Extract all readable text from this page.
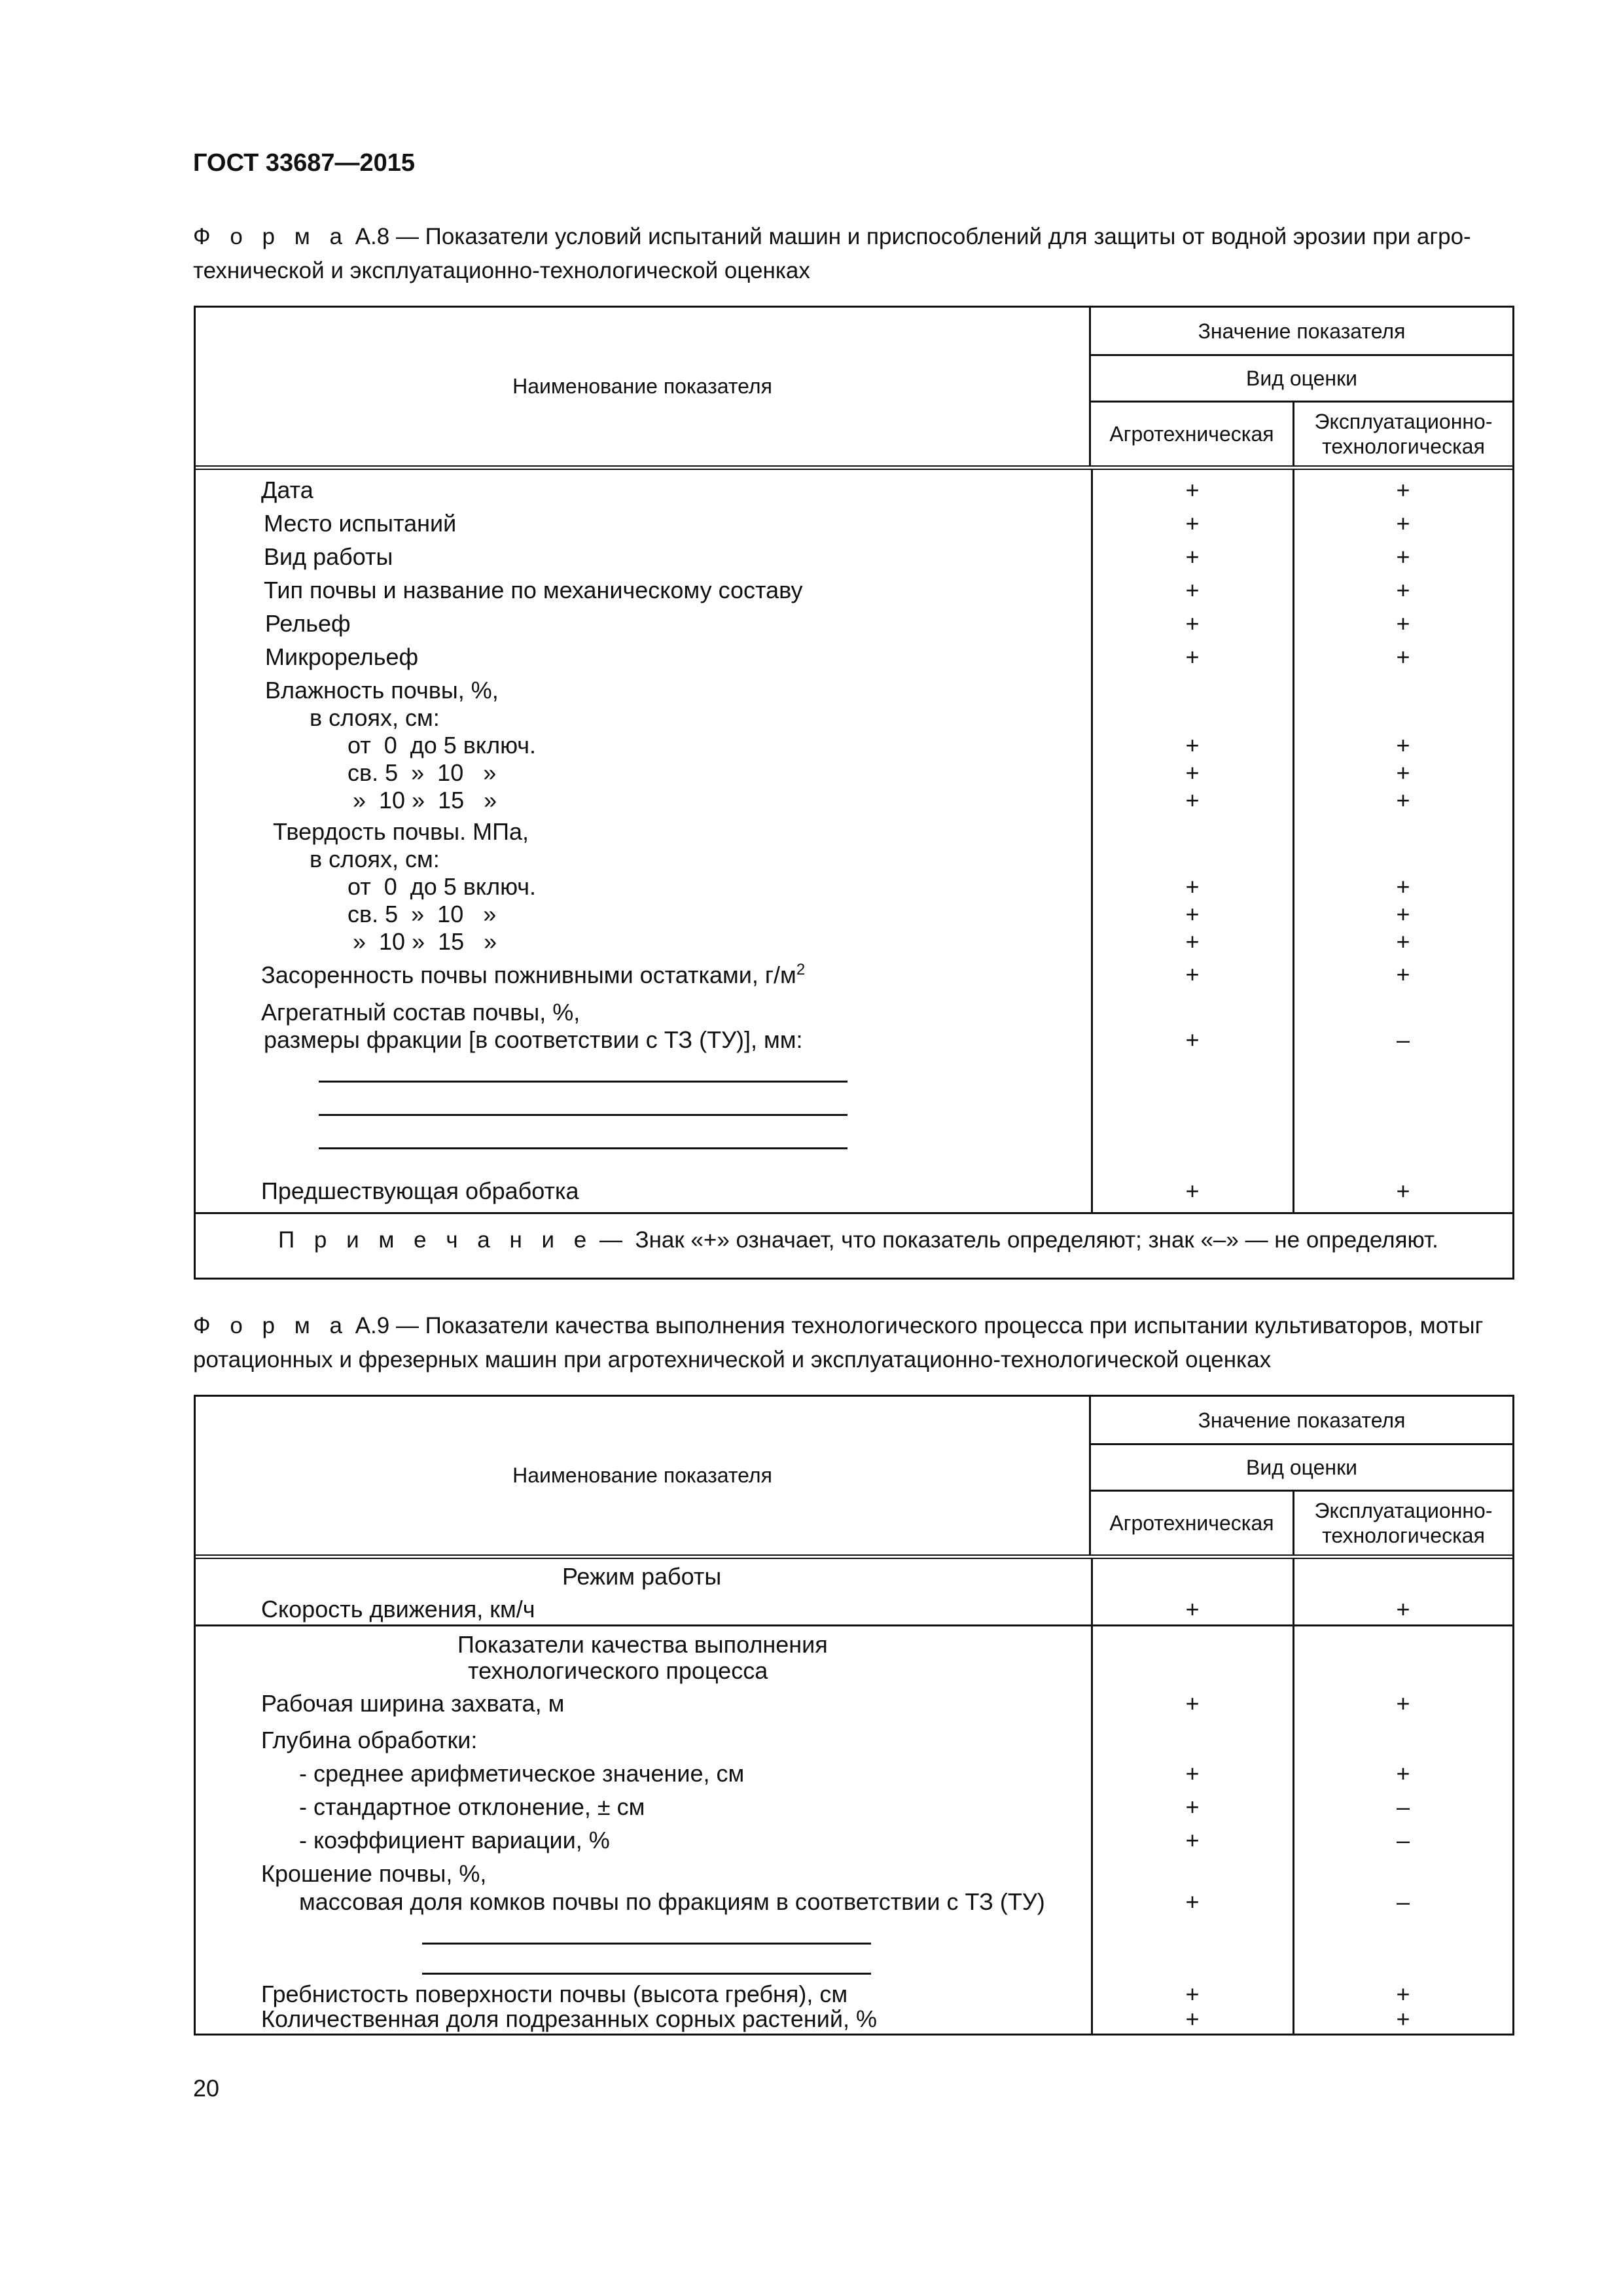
ГОСТ 33687—2015
Ф о р м а А.8 — Показатели условий испытаний машин и приспособлений для защиты от водной эрозии при агро-
технической и эксплуатационно-технологической оценках
Наименование показателя
Значение показателя
Вид оценки
Агротехническая
Эксплуатационно-
технологическая
Дата	+	+
Место испытаний	+	+
Вид работы	+	+
Тип почвы и название по механическому составу	+	+
Рельеф	+	+
Микрорельеф	+	+
Влажность почвы, %,
в слоях, см:
от  0  до 5 включ.	+	+
св. 5  »  10   »	+	+
»  10 »  15   »	+	+
Твердость почвы. МПа,
в слоях, см:
от  0  до 5 включ.	+	+
св. 5  »  10   »	+	+
»  10 »  15   »	+	+
Засоренность почвы пожнивными остатками, $г/м^2$	+	+
Агрегатный состав почвы, %,
размеры фракции [в соответствии с ТЗ (ТУ)], мм:	+	–
Предшествующая обработка	+	+
П р и м е ч а н и е —  Знак «+» означает, что показатель определяют; знак «–» — не определяют.
Ф о р м а А.9 — Показатели качества выполнения технологического процесса при испытании культиваторов, мотыг
ротационных и фрезерных машин при агротехнической и эксплуатационно-технологической оценках
Наименование показателя
Значение показателя
Вид оценки
Агротехническая
Эксплуатационно-
технологическая
Режим работы
Скорость движения, км/ч	+	+
Показатели качества выполнения
технологического процесса
Рабочая ширина захвата, м	+	+
Глубина обработки:
- среднее арифметическое значение, см	+	+
- стандартное отклонение, ± см	+	–
- коэффициент вариации, %	+	–
Крошение почвы, %,
массовая доля комков почвы по фракциям в соответствии с ТЗ (ТУ)	+	–
Гребнистость поверхности почвы (высота гребня), см	+	+
Количественная доля подрезанных сорных растений, %	+	+
20
